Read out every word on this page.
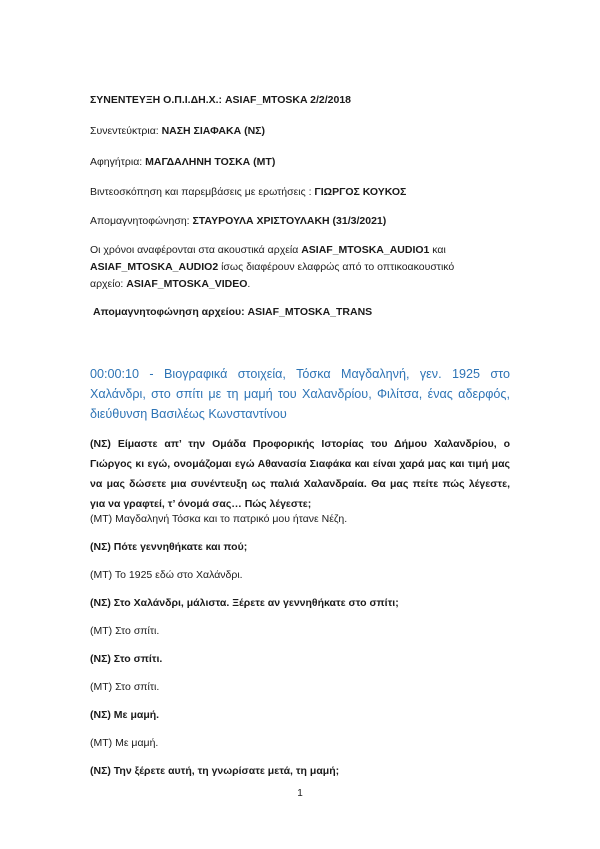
ΣΥΝΕΝΤΕΥΞΗ Ο.Π.Ι.ΔΗ.Χ.: ASIAF_MTOSKA 2/2/2018
Συνεντεύκτρια: ΝΑΣΗ ΣΙΑΦΑΚΑ (ΝΣ)
Αφηγήτρια: ΜΑΓΔΑΛΗΝΗ ΤΟΣΚΑ (ΜΤ)
Βιντεοσκόπηση και παρεμβάσεις με ερωτήσεις : ΓΙΩΡΓΟΣ ΚΟΥΚΟΣ
Απομαγνητοφώνηση: ΣΤΑΥΡΟΥΛΑ ΧΡΙΣΤΟΥΛΑΚΗ (31/3/2021)
Οι χρόνοι αναφέρονται στα ακουστικά αρχεία ASIAF_MTOSKA_AUDIO1 και
ASIAF_MTOSKA_AUDIO2 ίσως διαφέρουν ελαφρώς από το οπτικοακουστικό
αρχείο: ASIAF_MTOSKA_VIDEO.
Απομαγνητοφώνηση αρχείου: ASIAF_MTOSKA_TRANS
00:00:10 - Βιογραφικά στοιχεία, Τόσκα Μαγδαληνή, γεν. 1925 στο Χαλάνδρι, στο σπίτι με τη μαμή του Χαλανδρίου, Φιλίτσα, ένας αδερφός, διεύθυνση Βασιλέως Κωνσταντίνου
(ΝΣ) Είμαστε απ’ την Ομάδα Προφορικής Ιστορίας του Δήμου Χαλανδρίου, ο Γιώργος κι εγώ, ονομάζομαι εγώ Αθανασία Σιαφάκα και είναι χαρά μας και τιμή μας να μας δώσετε μια συνέντευξη ως παλιά Χαλανδραία. Θα μας πείτε πώς λέγεστε, για να γραφτεί, τ’ όνομά σας… Πώς λέγεστε;
(ΜΤ) Μαγδαληνή Τόσκα και το πατρικό μου ήτανε Νέζη.
(ΝΣ) Πότε γεννηθήκατε και πού;
(ΜΤ) Το 1925 εδώ στο Χαλάνδρι.
(ΝΣ) Στο Χαλάνδρι, μάλιστα. Ξέρετε αν γεννηθήκατε στο σπίτι;
(ΜΤ) Στο σπίτι.
(ΝΣ) Στο σπίτι.
(ΜΤ) Στο σπίτι.
(ΝΣ) Με μαμή.
(ΜΤ) Με μαμή.
(ΝΣ) Την ξέρετε αυτή, τη γνωρίσατε μετά, τη μαμή;
1
